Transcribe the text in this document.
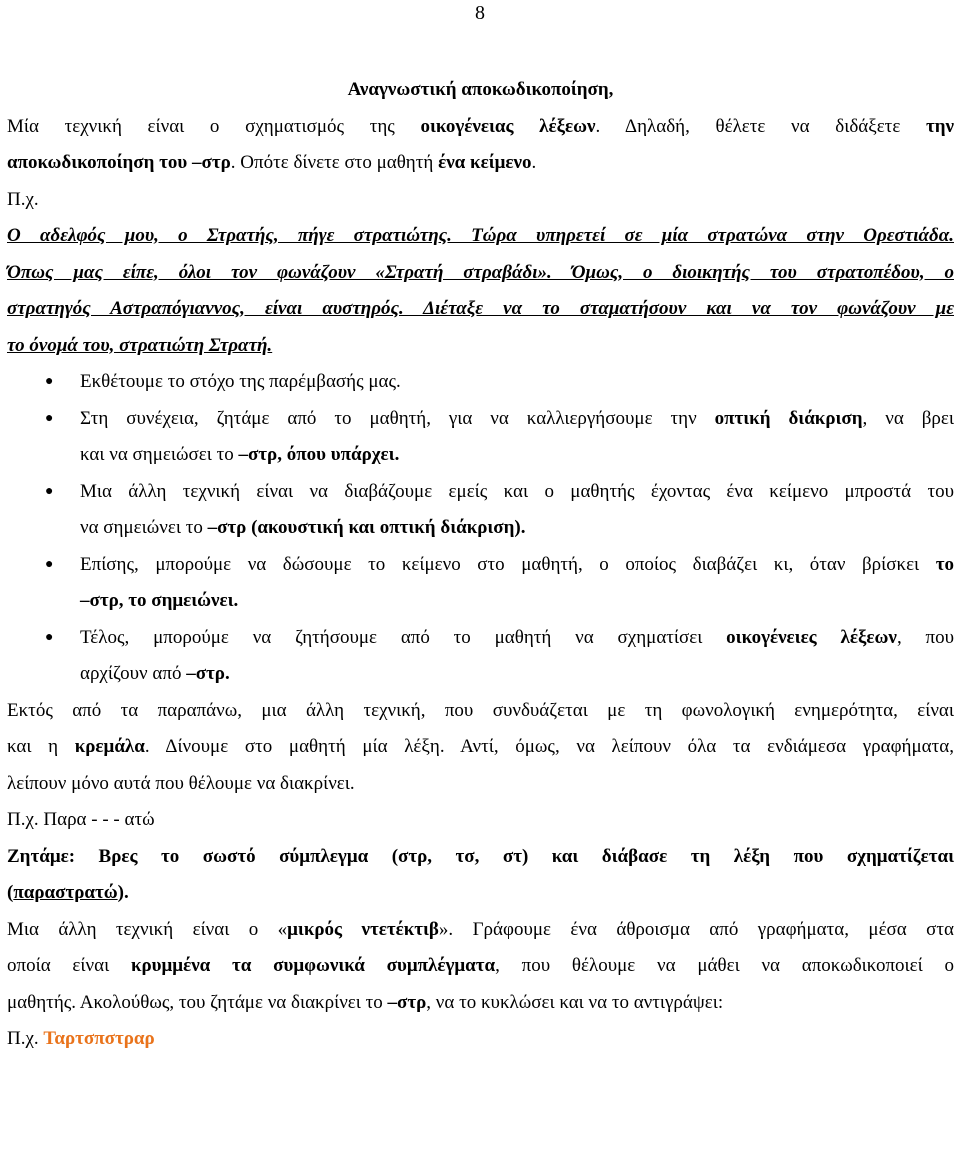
8
Αναγνωστική αποκωδικοποίηση,
Μία τεχνική είναι ο σχηματισμός της οικογένειας λέξεων. Δηλαδή, θέλετε να διδάξετε την
αποκωδικοποίηση του –στρ. Οπότε δίνετε στο μαθητή ένα κείμενο.
Π.χ.
Ο αδελφός μου, ο Στρατής, πήγε στρατιώτης. Τώρα υπηρετεί σε μία στρατώνα στην Ορεστιάδα.
Όπως μας είπε, όλοι τον φωνάζουν «Στρατή στραβάδι». Όμως, ο διοικητής του στρατοπέδου, ο
στρατηγός Αστραπόγιαννος, είναι αυστηρός. Διέταξε να το σταματήσουν και να τον φωνάζουν με
το όνομά του, στρατιώτη Στρατή.
● Εκθέτουμε το στόχο της παρέμβασής μας.
● Στη συνέχεια, ζητάμε από το μαθητή, για να καλλιεργήσουμε την οπτική διάκριση, να βρει
και να σημειώσει το –στρ, όπου υπάρχει.
● Μια άλλη τεχνική είναι να διαβάζουμε εμείς και ο μαθητής έχοντας ένα κείμενο μπροστά του
να σημειώνει το –στρ (ακουστική και οπτική διάκριση).
● Επίσης, μπορούμε να δώσουμε το κείμενο στο μαθητή, ο οποίος διαβάζει κι, όταν βρίσκει το
–στρ, το σημειώνει.
● Τέλος, μπορούμε να ζητήσουμε από το μαθητή να σχηματίσει οικογένειες λέξεων, που
αρχίζουν από –στρ.
Εκτός από τα παραπάνω, μια άλλη τεχνική, που συνδυάζεται με τη φωνολογική ενημερότητα, είναι
και η κρεμάλα. Δίνουμε στο μαθητή μία λέξη. Αντί, όμως, να λείπουν όλα τα ενδιάμεσα γραφήματα,
λείπουν μόνο αυτά που θέλουμε να διακρίνει.
Π.χ. Παρα - - - ατώ
Ζητάμε: Βρες το σωστό σύμπλεγμα (στρ, τσ, στ) και διάβασε τη λέξη που σχηματίζεται
(παραστρατώ).
Μια άλλη τεχνική είναι ο «μικρός ντετέκτιβ». Γράφουμε ένα άθροισμα από γραφήματα, μέσα στα
οποία είναι κρυμμένα τα συμφωνικά συμπλέγματα, που θέλουμε να μάθει να αποκωδικοποιεί ο
μαθητής. Ακολούθως, του ζητάμε να διακρίνει το –στρ, να το κυκλώσει και να το αντιγράψει:
Π.χ. Ταρτσπστραρ
